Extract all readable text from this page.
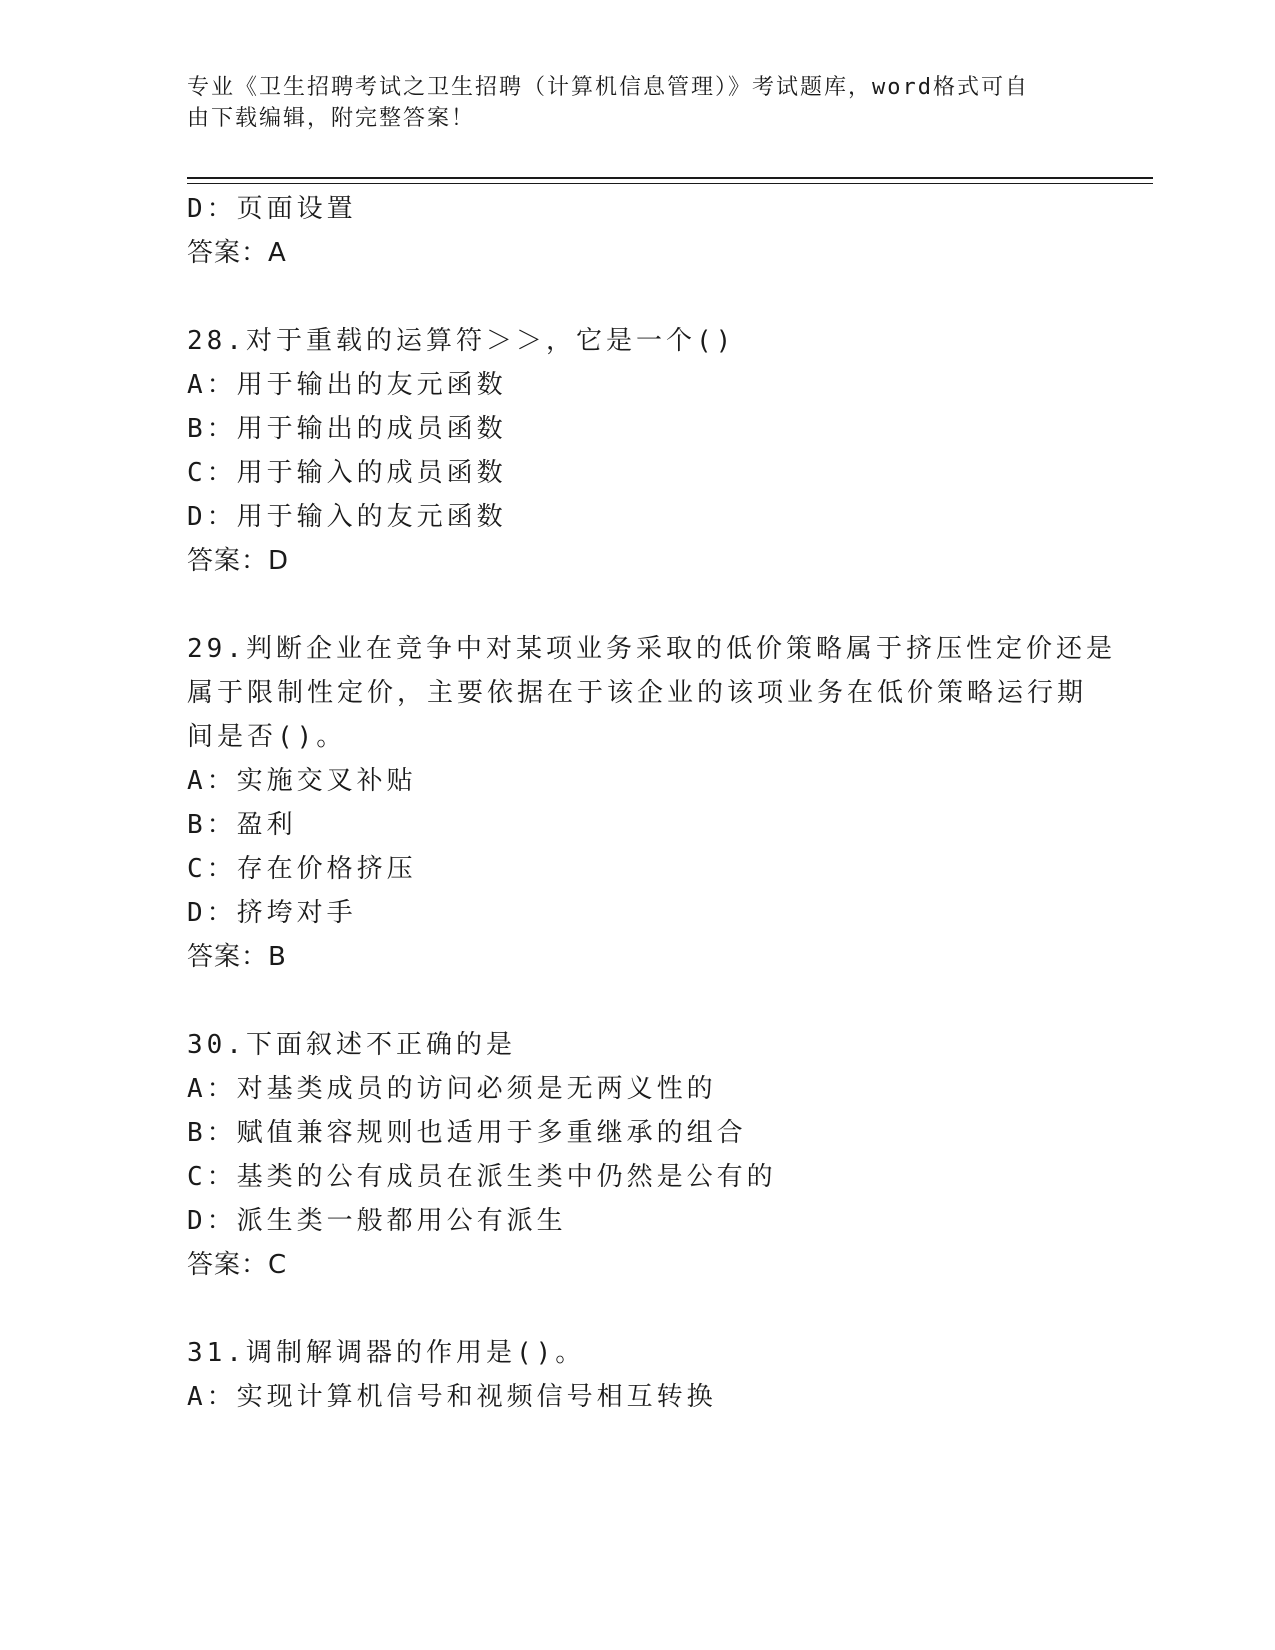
专业《卫生招聘考试之卫生招聘（计算机信息管理）》考试题库，word格式可自
由下载编辑，附完整答案！
D：页面设置
答案：A
28.对于重载的运算符＞＞，它是一个()
A：用于输出的友元函数
B：用于输出的成员函数
C：用于输入的成员函数
D：用于输入的友元函数
答案：D
29.判断企业在竞争中对某项业务采取的低价策略属于挤压性定价还是
属于限制性定价，主要依据在于该企业的该项业务在低价策略运行期
间是否()。
A：实施交叉补贴
B：盈利
C：存在价格挤压
D：挤垮对手
答案：B
30.下面叙述不正确的是
A：对基类成员的访问必须是无两义性的
B：赋值兼容规则也适用于多重继承的组合
C：基类的公有成员在派生类中仍然是公有的
D：派生类一般都用公有派生
答案：C
31.调制解调器的作用是()。
A：实现计算机信号和视频信号相互转换
